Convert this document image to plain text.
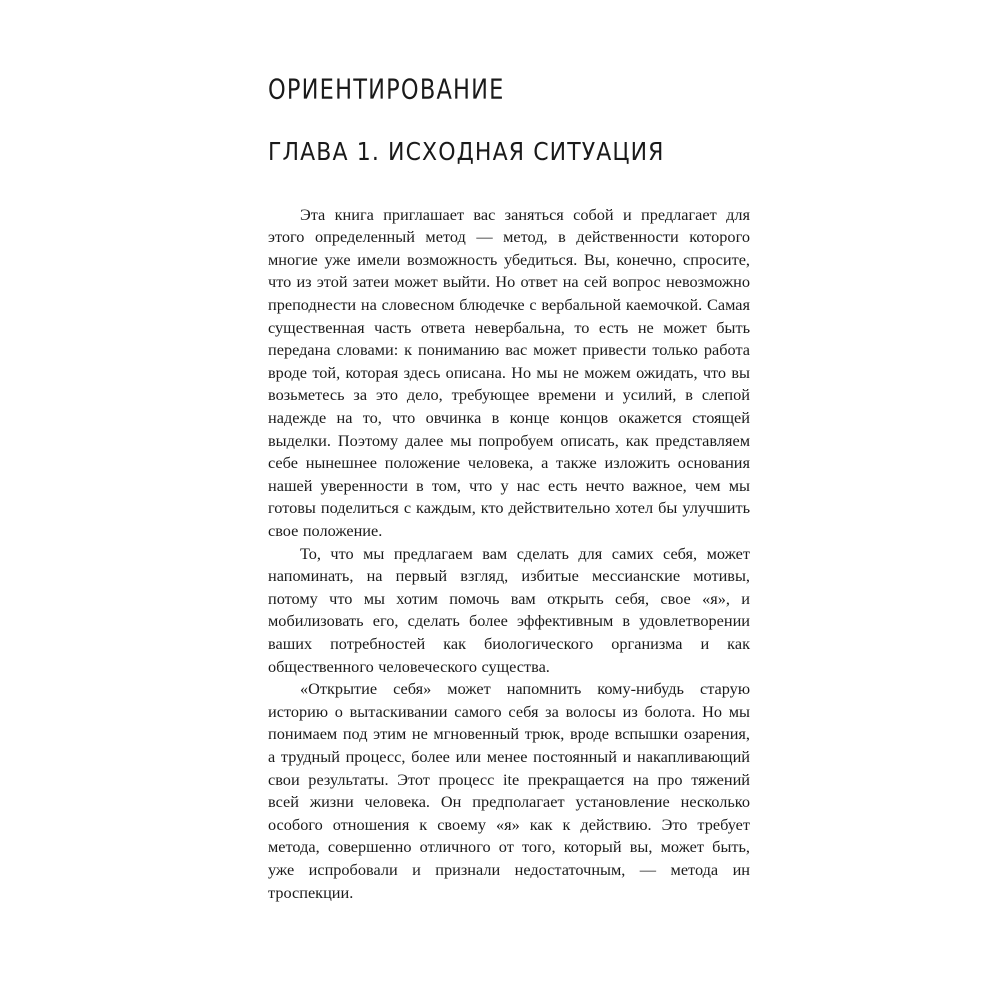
ОРИЕНТИРОВАНИЕ
ГЛАВА 1. ИСХОДНАЯ СИТУАЦИЯ

Эта книга приглашает вас заняться собой и предлагает для этого определенный метод — метод, в действенности которого многие уже имели возможность убедиться. Вы, конечно, спросите, что из этой затеи может выйти. Но ответ на сей вопрос невозможно преподнести на словесном блюдечке с вербальной каемочкой. Самая существенная часть ответа невербальна, то есть не может быть передана словами: к пониманию вас может привести только работа вроде той, которая здесь описана. Но мы не можем ожидать, что вы возьметесь за это дело, требующее времени и усилий, в слепой надежде на то, что овчинка в конце концов окажется стоящей выделки. Поэтому далее мы попробуем описать, как представляем себе нынешнее положение человека, а также изложить основания нашей уверенности в том, что у нас есть нечто важное, чем мы готовы поделиться с каждым, кто действительно хотел бы улучшить свое положение.

То, что мы предлагаем вам сделать для самих себя, может напоминать, на первый взгляд, избитые мессианские мотивы, потому что мы хотим помочь вам открыть себя, свое «я», и мобилизовать его, сделать более эффективным в удовлетворении ваших потребностей как биологического организма и как общественного человеческого существа.

«Открытие себя» может напомнить кому-нибудь старую историю о вытаскивании самого себя за волосы из болота. Но мы понимаем под этим не мгновенный трюк, вроде вспышки озарения, а трудный процесс, более или менее постоянный и накапливающий свои результаты. Этот процесс ite прекращается на про тяжений всей жизни человека. Он предполагает установление несколько особого отношения к своему «я» как к действию. Это требует метода, совершенно отличного от того, который вы, может быть, уже испробовали и признали недостаточным, — метода ин троспекции.
